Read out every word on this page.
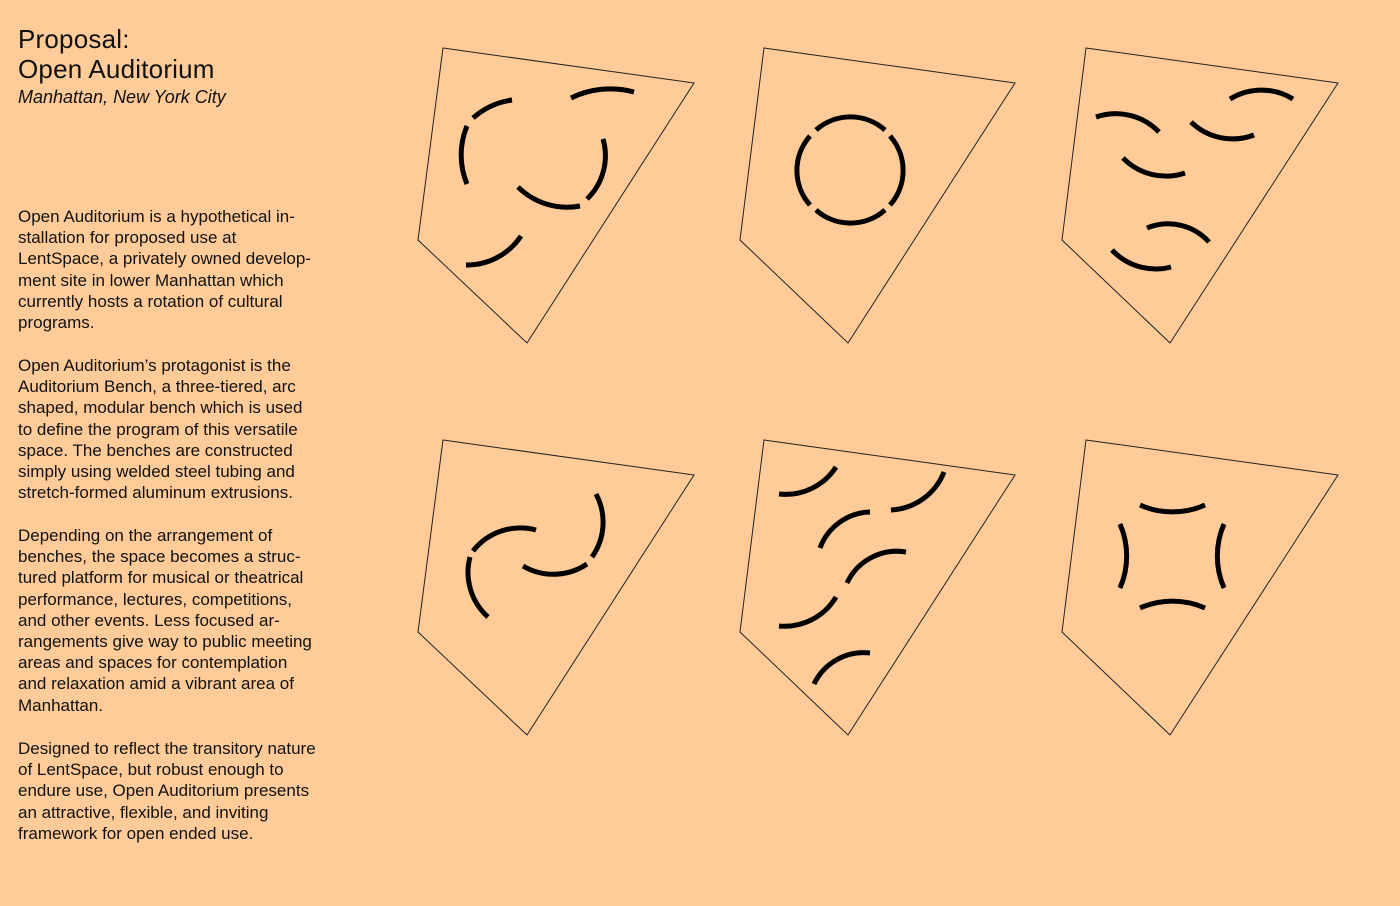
Proposal:
Open Auditorium

Manhattan, New York City

Open Auditorium is a hypothetical in-
stallation for proposed use at
LentSpace, a privately owned develop-
ment site in lower Manhattan which
currently hosts a rotation of cultural
programs.

Open Auditorium’s protagonist is the
Auditorium Bench, a three-tiered, arc
shaped, modular bench which is used
to define the program of this versatile
space. The benches are constructed
simply using welded steel tubing and
stretch-formed aluminum extrusions.

Depending on the arrangement of
benches, the space becomes a struc-
tured platform for musical or theatrical
performance, lectures, competitions,
and other events. Less focused ar-
rangements give way to public meeting
areas and spaces for contemplation
and relaxation amid a vibrant area of
Manhattan.

Designed to reflect the transitory nature
of LentSpace, but robust enough to
endure use, Open Auditorium presents
an attractive, flexible, and inviting
framework for open ended use.
